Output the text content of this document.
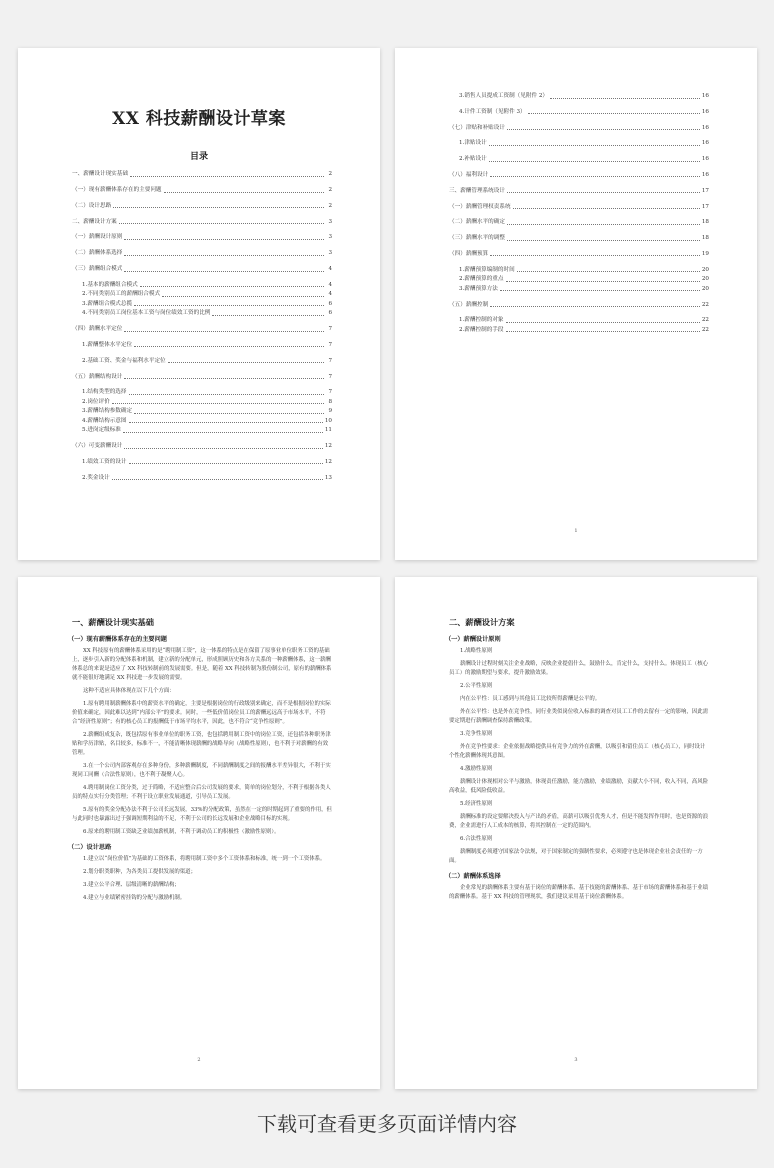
XX 科技薪酬设计草案
目录
一、薪酬设计现实基础	2
（一）现有薪酬体系存在的主要问题	2
（二）设计思路	2
二、薪酬设计方案	3
（一）薪酬设计原则	3
（二）薪酬体系选择	3
（三）薪酬组合模式	4
1.基本的薪酬组合模式	4
2.不同类别员工的薪酬组合模式	4
3.薪酬组合模式总揽	6
4.不同类别员工岗位基本工资与岗位绩效工资的比例	6
（四）薪酬水平定位	7
1.薪酬整体水平定位	7
2.基础工资、奖金与福利水平定位	7
（五）薪酬结构设计	7
1.结构类型的选择	7
2.岗位评价	8
3.薪酬结构参数确定	9
4.薪酬结构示意图	10
5.进岗定级标准	11
（六）可变薪酬设计	12
1.绩效工资的设计	12
2.奖金设计	13
3.销售人员提成工资制（见附件 2）	16
4.计件工资制（见附件 3）	16
（七）津贴和补贴设计	16
1.津贴设计	16
2.补贴设计	16
（八）福利设计	16
三、薪酬管理系统设计	17
（一）薪酬管理权责系统	17
（二）薪酬水平的确定	18
（三）薪酬水平的调整	18
（四）薪酬预算	19
1.薪酬预算编制的时间	20
2.薪酬预算的重点	20
3.薪酬预算方法	20
（五）薪酬控制	22
1.薪酬控制的对象	22
2.薪酬控制的手段	22
1
一、薪酬设计现实基础
（一）现有薪酬体系存在的主要问题
XX 科技原有的薪酬体系采用的是“聘用制工资”，这一体系的特点是在保留了原事业单位职务工资的基础上，逐步引入新的分配体系和机制，建立新的分配单元，形成照顾历史和各方关系的一种薪酬体系，这一薪酬体系总的来说是适应了 XX 科技转制前的发展需要。但是，随着 XX 科技转制为股份制公司，原有的薪酬体系就不能很好地满足 XX 科技进一步发展的需要。
这种不适应具体体现在以下几个方面：
1.原有聘用制薪酬体系中的薪资水平的确定，主要是根据岗位的行政级别来确定，而不是根据岗位的实际价值来确定，因此难以达到“内部公平”的要求。同时，一些低价值岗位员工的薪酬远远高于市场水平，不符合“经济性原则”；有的核心员工的报酬低于市场平均水平，因此，也不符合“竞争性原则”。
2.薪酬组成复杂，既包括原有事业单位的职务工资，也包括聘用制工资中的岗位工资，还包括各种职务津贴和学历津贴，名目较多，标准不一，不能清晰体现薪酬的战略导向（战略性原则），也不利于对薪酬的有效管理。
3.在一个公司内部客观存在多种身份，多种薪酬制度，不同薪酬制度之间的报酬水平差异很大，不利于实现同工同酬（合法性原则），也不利于凝聚人心。
4.聘用制岗位工资分类，过于简略，不适应整合后公司发展的要求，简单的岗位划分，不利于根据各类人员的特点实行分类管理；不利于设立职业发展通道，引导员工发展。
5.原有的奖金分配办法不利于公司长远发展，33%的分配政策，虽然在一定的时期起到了重要的作用，但与此同时也暴露出过于强调短期利益的不足，不利于公司的长远发展和企业战略目标的实现。
6.原来的聘用制工资缺乏业绩加薪机制，不利于调动员工的积极性（激励性原则）。
（二）设计思路
1.建立以“岗位价值”为基础的工资体系，将聘用制工资中多个工资体系和标准，统一到一个工资体系。
2.划分职类职种，为各类员工提供发展的渠道；
3.建立公平合理、层级清晰的薪酬结构；
4.建立与业绩紧密挂钩的分配与激励机制。
2
二、薪酬设计方案
（一）薪酬设计原则
1.战略性原则
薪酬设计过程时刻关注企业战略，反映企业提倡什么，鼓励什么，肯定什么，支持什么。体现员工（核心员工）的激励期望与要求，提升激励效果。
2.公平性原则
内在公平性：员工感到与其他员工比较所得薪酬是公平的。
外在公平性：也是外在竞争性，同行业类似岗位收入标准的调查对员工工作的去留有一定的影响，因此需要定期进行薪酬调查保持薪酬政策。
3.竞争性原则
外在竞争性要求：企业依据战略提供具有竞争力的外在薪酬，以吸引和留住员工（核心员工），同时设计个性化薪酬体现其意图。
4.激励性原则
薪酬设计体现相对公平与激励，体现责任激励，能力激励，业绩激励，贡献大小不同，收入不同，高风险高收益，低风险低收益。
5.经济性原则
薪酬标准的设定要解决投入与产出的矛盾，高薪可以吸引优秀人才，但是不能发挥作用时，也是资源的浪费，企业需进行人工成本的核算，将其控制在一定的范围内。
6.合法性原则
薪酬制度必须遵守国家法令法规，对于国家制定的强制性要求，必须遵守也是体现企业社会责任的一方面。
（二）薪酬体系选择
企业常见的薪酬体系主要有基于岗位的薪酬体系、基于技能的薪酬体系、基于市场的薪酬体系和基于业绩的薪酬体系。基于 XX 科技的管理现状，我们建议采用基于岗位薪酬体系。
3
下载可查看更多页面详情内容
